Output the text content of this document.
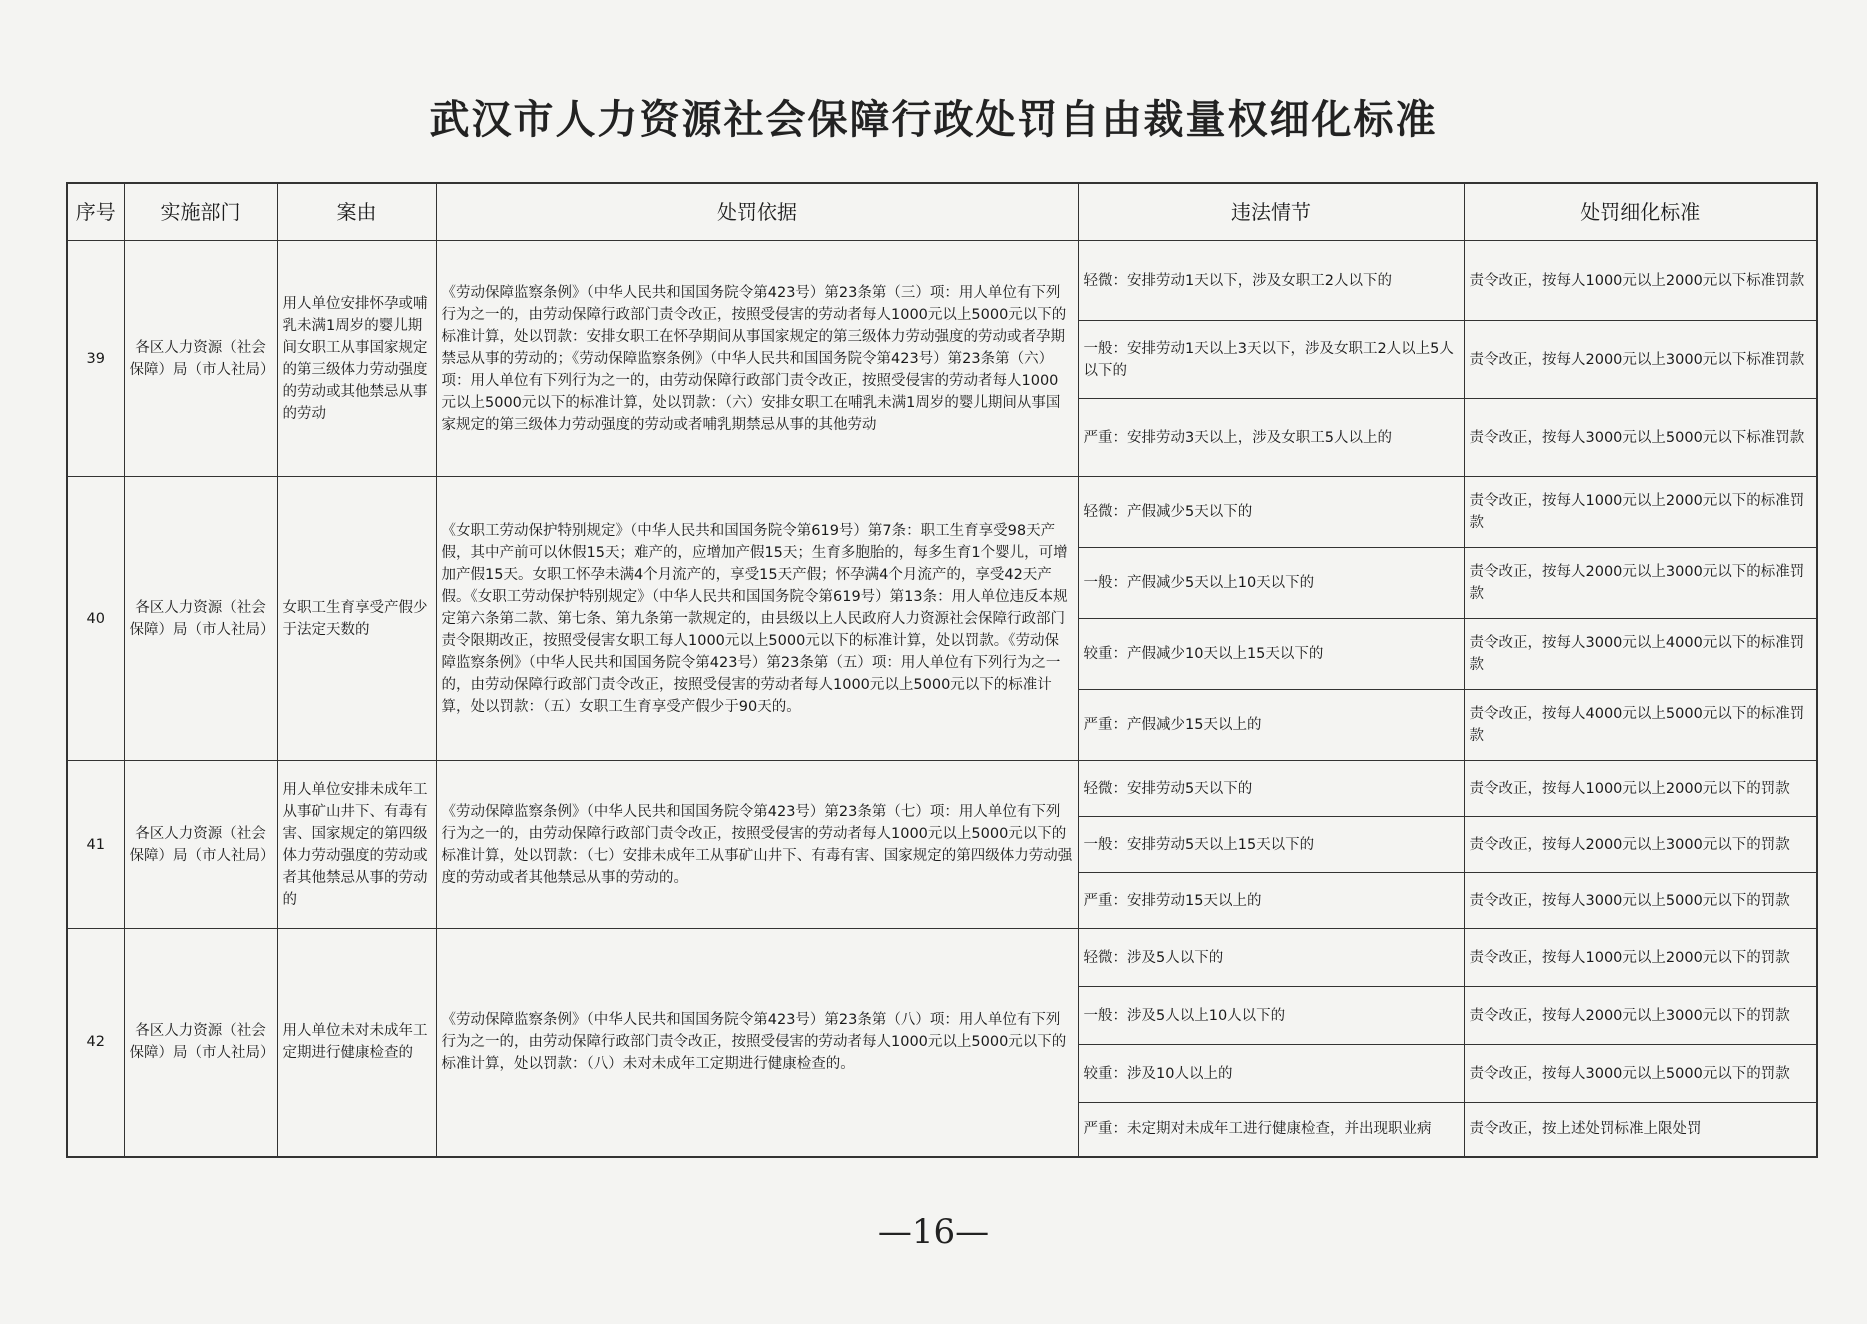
武汉市人力资源社会保障行政处罚自由裁量权细化标准
序号	实施部门	案由	处罚依据	违法情节	处罚细化标准
39	各区人力资源（社会保障）局（市人社局）	用人单位安排怀孕或哺乳未满1周岁的婴儿期间女职工从事国家规定的第三级体力劳动强度的劳动或其他禁忌从事的劳动	《劳动保障监察条例》（中华人民共和国国务院令第423号）第23条第（三）项：用人单位有下列行为之一的，由劳动保障行政部门责令改正，按照受侵害的劳动者每人1000元以上5000元以下的标准计算，处以罚款：安排女职工在怀孕期间从事国家规定的第三级体力劳动强度的劳动或者孕期禁忌从事的劳动的；《劳动保障监察条例》（中华人民共和国国务院令第423号）第23条第（六）项：用人单位有下列行为之一的，由劳动保障行政部门责令改正，按照受侵害的劳动者每人1000元以上5000元以下的标准计算，处以罚款：（六）安排女职工在哺乳未满1周岁的婴儿期间从事国家规定的第三级体力劳动强度的劳动或者哺乳期禁忌从事的其他劳动	轻微：安排劳动1天以下，涉及女职工2人以下的	责令改正，按每人1000元以上2000元以下标准罚款
				一般：安排劳动1天以上3天以下，涉及女职工2人以上5人以下的	责令改正，按每人2000元以上3000元以下标准罚款
				严重：安排劳动3天以上，涉及女职工5人以上的	责令改正，按每人3000元以上5000元以下标准罚款
40	各区人力资源（社会保障）局（市人社局）	女职工生育享受产假少于法定天数的	《女职工劳动保护特别规定》（中华人民共和国国务院令第619号）第7条：职工生育享受98天产假，其中产前可以休假15天；难产的，应增加产假15天；生育多胞胎的，每多生育1个婴儿，可增加产假15天。女职工怀孕未满4个月流产的，享受15天产假；怀孕满4个月流产的，享受42天产假。《女职工劳动保护特别规定》（中华人民共和国国务院令第619号）第13条：用人单位违反本规定第六条第二款、第七条、第九条第一款规定的，由县级以上人民政府人力资源社会保障行政部门责令限期改正，按照受侵害女职工每人1000元以上5000元以下的标准计算，处以罚款。《劳动保障监察条例》（中华人民共和国国务院令第423号）第23条第（五）项：用人单位有下列行为之一的，由劳动保障行政部门责令改正，按照受侵害的劳动者每人1000元以上5000元以下的标准计算，处以罚款：（五）女职工生育享受产假少于90天的。	轻微：产假减少5天以下的	责令改正，按每人1000元以上2000元以下的标准罚款
				一般：产假减少5天以上10天以下的	责令改正，按每人2000元以上3000元以下的标准罚款
				较重：产假减少10天以上15天以下的	责令改正，按每人3000元以上4000元以下的标准罚款
				严重：产假减少15天以上的	责令改正，按每人4000元以上5000元以下的标准罚款
41	各区人力资源（社会保障）局（市人社局）	用人单位安排未成年工从事矿山井下、有毒有害、国家规定的第四级体力劳动强度的劳动或者其他禁忌从事的劳动的	《劳动保障监察条例》（中华人民共和国国务院令第423号）第23条第（七）项：用人单位有下列行为之一的，由劳动保障行政部门责令改正，按照受侵害的劳动者每人1000元以上5000元以下的标准计算，处以罚款：（七）安排未成年工从事矿山井下、有毒有害、国家规定的第四级体力劳动强度的劳动或者其他禁忌从事的劳动的。	轻微：安排劳动5天以下的	责令改正，按每人1000元以上2000元以下的罚款
				一般：安排劳动5天以上15天以下的	责令改正，按每人2000元以上3000元以下的罚款
				严重：安排劳动15天以上的	责令改正，按每人3000元以上5000元以下的罚款
42	各区人力资源（社会保障）局（市人社局）	用人单位未对未成年工定期进行健康检查的	《劳动保障监察条例》（中华人民共和国国务院令第423号）第23条第（八）项：用人单位有下列行为之一的，由劳动保障行政部门责令改正，按照受侵害的劳动者每人1000元以上5000元以下的标准计算，处以罚款：（八）未对未成年工定期进行健康检查的。	轻微：涉及5人以下的	责令改正，按每人1000元以上2000元以下的罚款
				一般：涉及5人以上10人以下的	责令改正，按每人2000元以上3000元以下的罚款
				较重：涉及10人以上的	责令改正，按每人3000元以上5000元以下的罚款
				严重：未定期对未成年工进行健康检查，并出现职业病	责令改正，按上述处罚标准上限处罚
—16—
